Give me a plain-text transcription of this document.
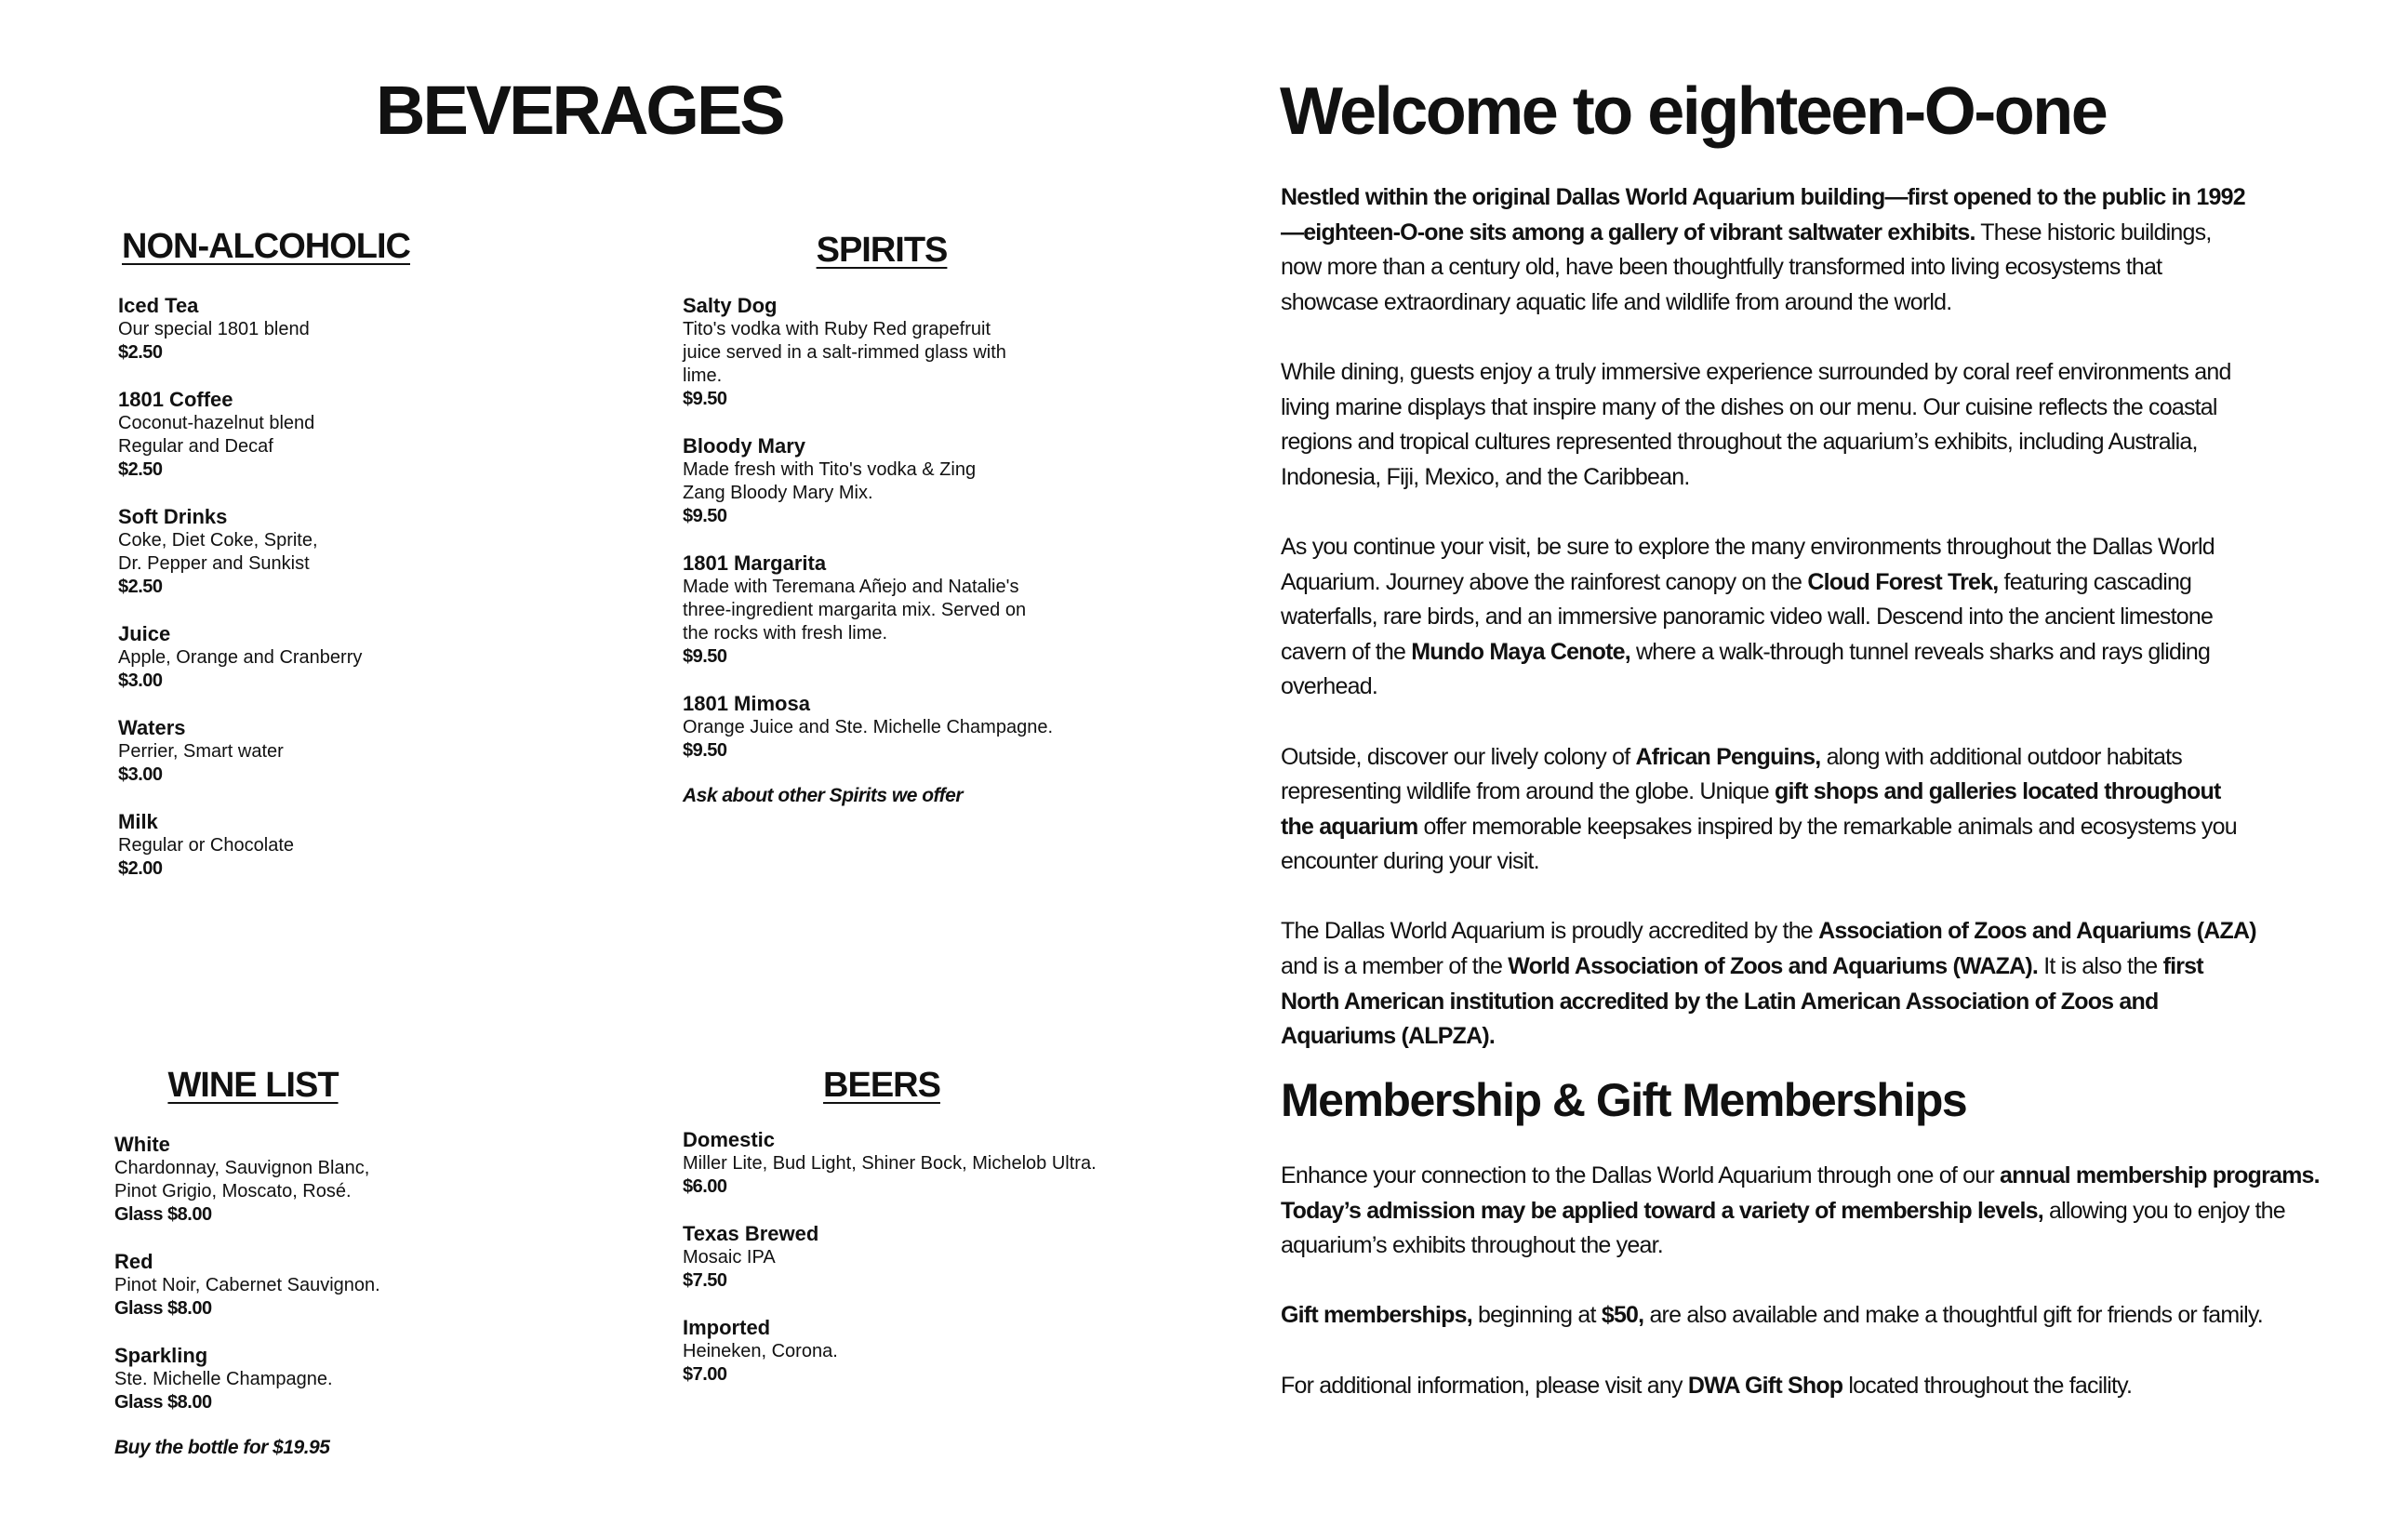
BEVERAGES
NON-ALCOHOLIC
Iced Tea
Our special 1801 blend
$2.50
1801 Coffee
Coconut-hazelnut blend
Regular and Decaf
$2.50
Soft Drinks
Coke, Diet Coke, Sprite,
Dr. Pepper and Sunkist
$2.50
Juice
Apple, Orange and Cranberry
$3.00
Waters
Perrier, Smart water
$3.00
Milk
Regular or Chocolate
$2.00
SPIRITS
Salty Dog
Tito's vodka with Ruby Red grapefruit
juice served in a salt-rimmed glass with
lime.
$9.50
Bloody Mary
Made fresh with Tito's vodka & Zing
Zang Bloody Mary Mix.
$9.50
1801 Margarita
Made with Teremana Añejo and Natalie's
three-ingredient margarita mix. Served on
the rocks with fresh lime.
$9.50
1801 Mimosa
Orange Juice and Ste. Michelle Champagne.
$9.50
Ask about other Spirits we offer
WINE LIST
White
Chardonnay, Sauvignon Blanc,
Pinot Grigio, Moscato, Rosé.
Glass $8.00
Red
Pinot Noir, Cabernet Sauvignon.
Glass $8.00
Sparkling
Ste. Michelle Champagne.
Glass $8.00
Buy the bottle for $19.95
BEERS
Domestic
Miller Lite, Bud Light, Shiner Bock, Michelob Ultra.
$6.00
Texas Brewed
Mosaic IPA
$7.50
Imported
Heineken, Corona.
$7.00
Welcome to eighteen-O-one

Nestled within the original Dallas World Aquarium building—first opened to the public in 1992—eighteen-O-one sits among a gallery of vibrant saltwater exhibits. These historic buildings, now more than a century old, have been thoughtfully transformed into living ecosystems that showcase extraordinary aquatic life and wildlife from around the world.

While dining, guests enjoy a truly immersive experience surrounded by coral reef environments and living marine displays that inspire many of the dishes on our menu. Our cuisine reflects the coastal regions and tropical cultures represented throughout the aquarium’s exhibits, including Australia, Indonesia, Fiji, Mexico, and the Caribbean.

As you continue your visit, be sure to explore the many environments throughout the Dallas World Aquarium. Journey above the rainforest canopy on the Cloud Forest Trek, featuring cascading waterfalls, rare birds, and an immersive panoramic video wall. Descend into the ancient limestone cavern of the Mundo Maya Cenote, where a walk-through tunnel reveals sharks and rays gliding overhead.

Outside, discover our lively colony of African Penguins, along with additional outdoor habitats representing wildlife from around the globe. Unique gift shops and galleries located throughout the aquarium offer memorable keepsakes inspired by the remarkable animals and ecosystems you encounter during your visit.

The Dallas World Aquarium is proudly accredited by the Association of Zoos and Aquariums (AZA) and is a member of the World Association of Zoos and Aquariums (WAZA). It is also the first North American institution accredited by the Latin American Association of Zoos and Aquariums (ALPZA).

Membership & Gift Memberships

Enhance your connection to the Dallas World Aquarium through one of our annual membership programs. Today’s admission may be applied toward a variety of membership levels, allowing you to enjoy the aquarium’s exhibits throughout the year.

Gift memberships, beginning at $50, are also available and make a thoughtful gift for friends or family.

For additional information, please visit any DWA Gift Shop located throughout the facility.
